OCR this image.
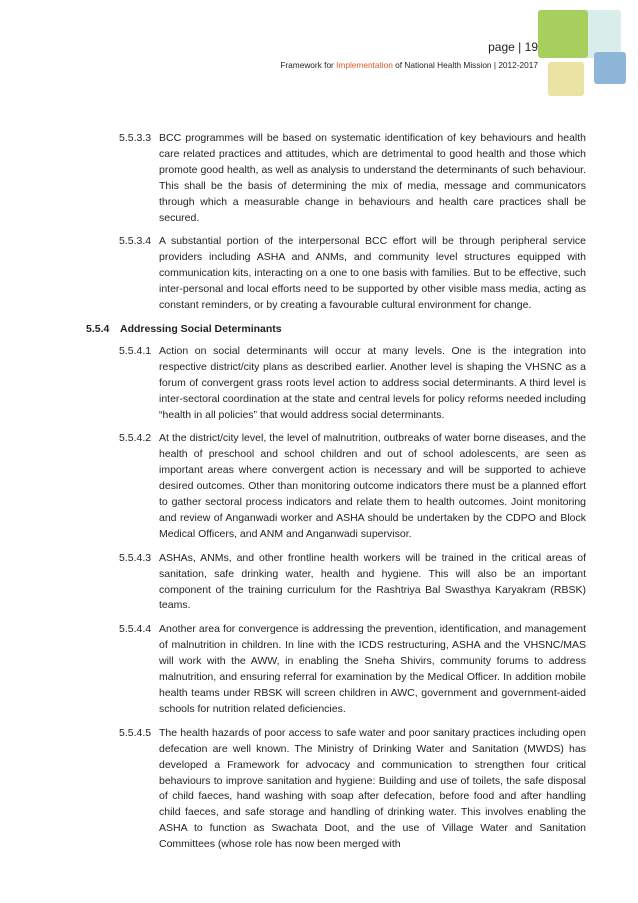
page | 19
Framework for Implementation of National Health Mission | 2012-2017
5.5.3.3 BCC programmes will be based on systematic identification of key behaviours and health care related practices and attitudes, which are detrimental to good health and those which promote good health, as well as analysis to understand the determinants of such behaviour. This shall be the basis of determining the mix of media, message and communicators through which a measurable change in behaviours and health care practices shall be secured.
5.5.3.4 A substantial portion of the interpersonal BCC effort will be through peripheral service providers including ASHA and ANMs, and community level structures equipped with communication kits, interacting on a one to one basis with families. But to be effective, such inter-personal and local efforts need to be supported by other visible mass media, acting as constant reminders, or by creating a favourable cultural environment for change.
5.5.4	Addressing Social Determinants
5.5.4.1 Action on social determinants will occur at many levels. One is the integration into respective district/city plans as described earlier. Another level is shaping the VHSNC as a forum of convergent grass roots level action to address social determinants. A third level is inter-sectoral coordination at the state and central levels for policy reforms needed including “health in all policies” that would address social determinants.
5.5.4.2 At the district/city level, the level of malnutrition, outbreaks of water borne diseases, and the health of preschool and school children and out of school adolescents, are seen as important areas where convergent action is necessary and will be supported to achieve desired outcomes. Other than monitoring outcome indicators there must be a planned effort to gather sectoral process indicators and relate them to health outcomes. Joint monitoring and review of Anganwadi worker and ASHA should be undertaken by the CDPO and Block Medical Officers, and ANM and Anganwadi supervisor.
5.5.4.3 ASHAs, ANMs, and other frontline health workers will be trained in the critical areas of sanitation, safe drinking water, health and hygiene. This will also be an important component of the training curriculum for the Rashtriya Bal Swasthya Karyakram (RBSK) teams.
5.5.4.4 Another area for convergence is addressing the prevention, identification, and management of malnutrition in children. In line with the ICDS restructuring, ASHA and the VHSNC/MAS will work with the AWW, in enabling the Sneha Shivirs, community forums to address malnutrition, and ensuring referral for examination by the Medical Officer. In addition mobile health teams under RBSK will screen children in AWC, government and government-aided schools for nutrition related deficiencies.
5.5.4.5 The health hazards of poor access to safe water and poor sanitary practices including open defecation are well known. The Ministry of Drinking Water and Sanitation (MWDS) has developed a Framework for advocacy and communication to strengthen four critical behaviours to improve sanitation and hygiene: Building and use of toilets, the safe disposal of child faeces, hand washing with soap after defecation, before food and after handling child faeces, and safe storage and handling of drinking water. This involves enabling the ASHA to function as Swachata Doot, and the use of Village Water and Sanitation Committees (whose role has now been merged with
